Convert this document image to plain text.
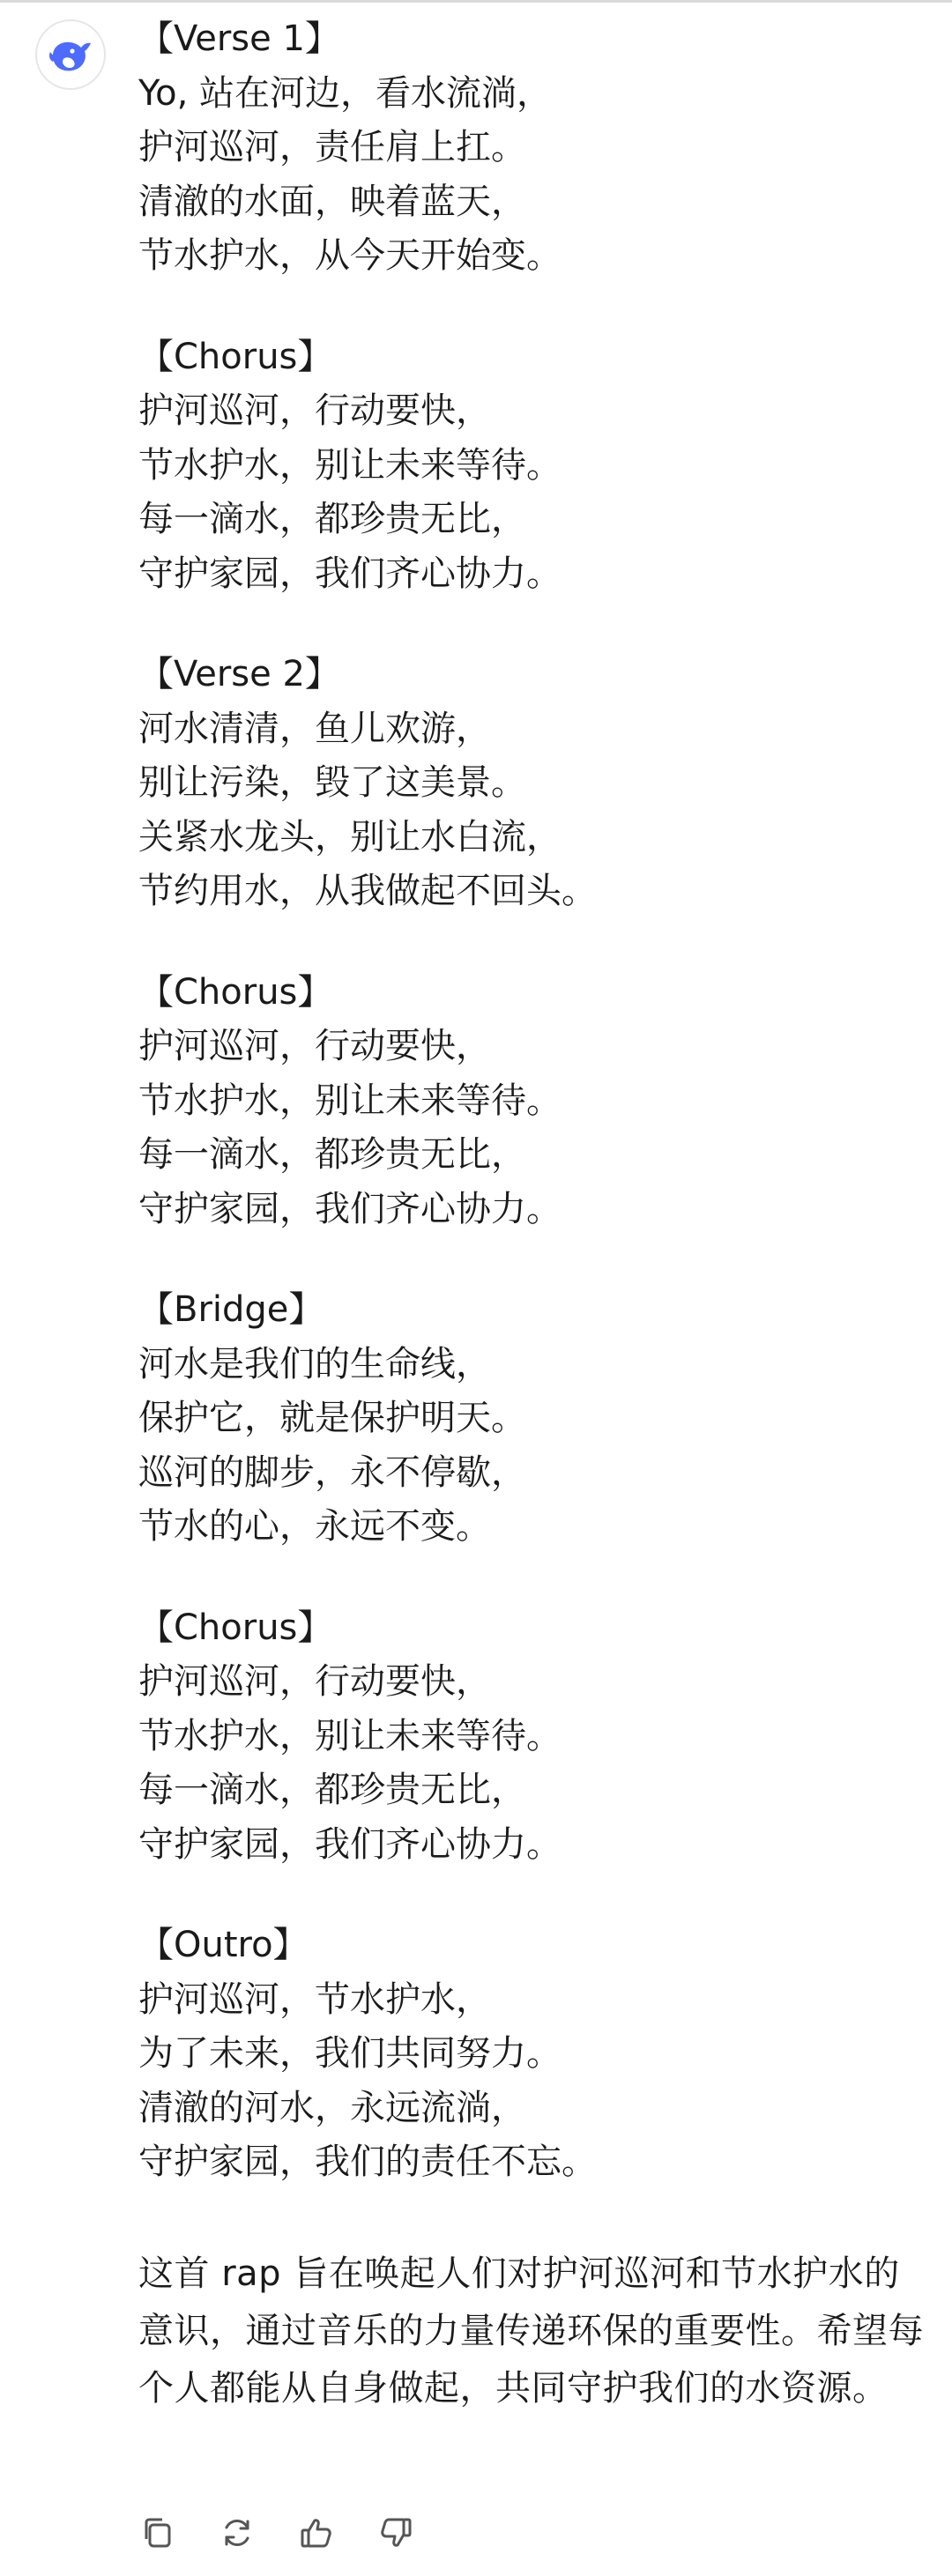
【Verse 1】
Yo, 站在河边，看水流淌，
护河巡河，责任肩上扛。
清澈的水面，映着蓝天，
节水护水，从今天开始变。
【Chorus】
护河巡河，行动要快，
节水护水，别让未来等待。
每一滴水，都珍贵无比，
守护家园，我们齐心协力。
【Verse 2】
河水清清，鱼儿欢游，
别让污染，毁了这美景。
关紧水龙头，别让水白流，
节约用水，从我做起不回头。
【Chorus】
护河巡河，行动要快，
节水护水，别让未来等待。
每一滴水，都珍贵无比，
守护家园，我们齐心协力。
【Bridge】
河水是我们的生命线，
保护它，就是保护明天。
巡河的脚步，永不停歇，
节水的心，永远不变。
【Chorus】
护河巡河，行动要快，
节水护水，别让未来等待。
每一滴水，都珍贵无比，
守护家园，我们齐心协力。
【Outro】
护河巡河，节水护水，
为了未来，我们共同努力。
清澈的河水，永远流淌，
守护家园，我们的责任不忘。
这首 rap 旨在唤起人们对护河巡河和节水护水的意识，通过音乐的力量传递环保的重要性。希望每个人都能从自身做起，共同守护我们的水资源。
